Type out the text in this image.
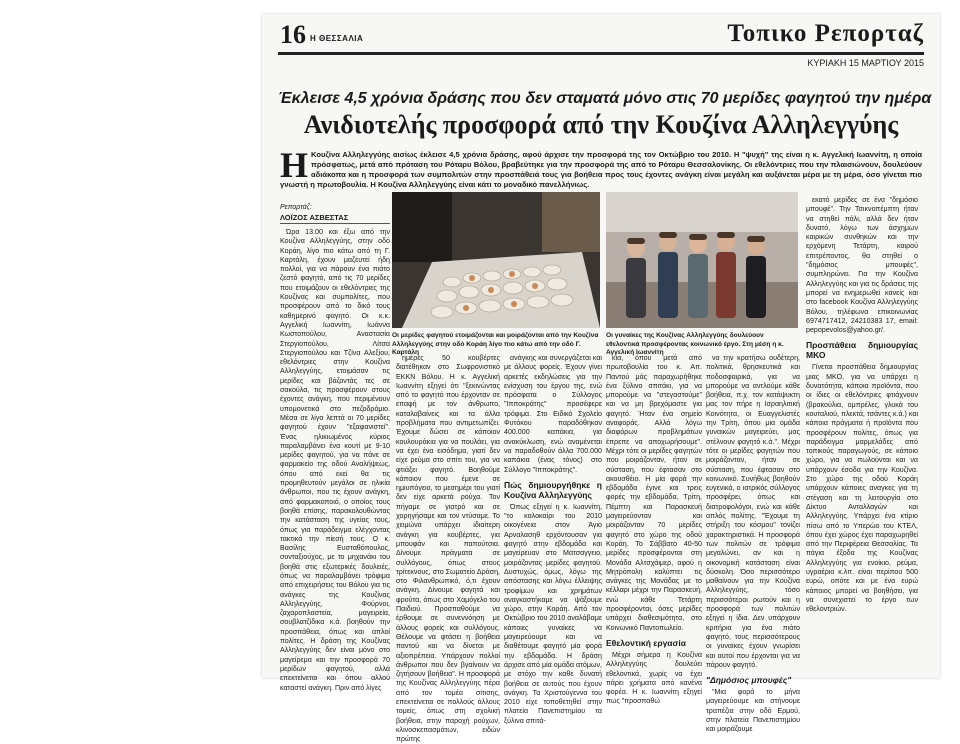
16 Η ΘΕΣΣΑΛΙΑ	Τοπικο Ρεπορταζ
ΚΥΡΙΑΚΗ 15 ΜΑΡΤΙΟΥ 2015
Έκλεισε 4,5 χρόνια δράσης που δεν σταματά μόνο στις 70 μερίδες φαγητού την ημέρα
Ανιδιοτελής προσφορά από την Κουζίνα Αλληλεγγύης
Η Κουζίνα Αλληλεγγύης αισίως έκλεισε 4,5 χρόνια δράσης, αφού άρχισε την προσφορά της τον Οκτώβριο του 2010. Η "ψυχή" της είναι η κ. Αγγελική Ιωαννίτη, η οποία πρόσφατως, μετά από πρόταση του Ρόταρυ Βόλου, βραβεύτηκε για την προσφορά της από το Ρόταρυ Θεσσαλονίκης. Οι εθελόντριες που την πλαισιώνουν, δουλεύουν αδιάκοπα και η προσφορά των συμπολιτών στην προσπάθειά τους για βοήθεια προς τους έχοντες ανάγκη είναι μεγάλη και αυξάνεται μέρα με τη μέρα, όσο γίνεται πιο γνωστή η πρωτοβουλία. Η Κουζίνα Αλληλεγγύης είναι κάτι το μοναδικό πανελλήνιως.
Ρεπορτάζ:
ΛΟΪΖΟΣ ΑΣΒΕΣΤΑΣ

Ώρα 13.00 και έξω από την Κουζίνα Αλληλεγγύης, στην οδό Κοράη, λίγο πιο κάτω από τη Γ. Καρτάλη, έχουν μαζευτεί ήδη πολλοί, για να πάρουν ένα πιάτο ζεστό φαγητό, από τις 70 μερίδες που ετοιμάζουν οι εθελόντριες της Κουζίνας και συμπολίτες, που προσφέρουν από το δικό τους καθημερινό φαγητό. Οι κ.κ. Αγγελική Ιωαννίτη, Ιωάννα Κωστοπούλου, Αναστασία Στεργιοπούλου, Λίτσα Στεργιοπούλου και Τζίνα Αλεξίου, εθελόντριες στην Κουζίνα Αλληλεγγύης, ετοιμάσαν τις μερίδες και βάζοντάς τες σε σακούλα, τις προσφέρουν στους έχοντες ανάγκη, που περιμένουν υπομονετικά στο πεζοδρόμιο. Μέσα σε λίγα λεπτά οι 70 μερίδες φαγητού έχουν "εξαφανιστεί". Ένας ηλικιωμένος κύριος παραλαμβάνει ένα κουτί με 9-10 μερίδες φαγητού, για να πάνε σε φαρμακείο της οδού Αναλήψεως, όπου από εκεί θα τις προμηθευτούν μεγάλοι σε ηλικία άνθρωποι, που τις έχουν ανάγκη, από φαρμακοποιό, ο οποίος τους βοηθά επίσης, παρακολουθώντας την κατάσταση της υγείας τους, όπως για παράδειγμα ελέγχοντας τακτικά την πίεσή τους. Ο κ. Βασίλης Ευσταθόπουλος, συνταξιούχος, με το μηχανάκι του βοηθά στις εξωτερικές δουλειές, όπως να παραλαμβάνει τρόφιμα από επιχειρήσεις του Βόλου για τις ανάγκες της Κουζίνας Αλληλεγγύης. Φούρνοι, ζαχαροπλαστεία, μαγειρεία, σουβλατζίδικα κ.ά. βοηθούν την προσπάθεια, όπως και απλοί πολίτες. Η δράση της Κουζίνας Αλληλεγγύης δεν είναι μόνο στο μαγείρεμα και την προσφορά 70 μερίδων φαγητού, αλλά επεκτείνεται και όπου αλλού καταστεί ανάγκη. Πριν από λίγες

Οι μερίδες φαγητού ετοιμάζονται και μοιράζονται από την Κουζίνα Αλληλεγγύης στην οδό Κοράη λίγο πιο κάτω από την οδό Γ. Καρτάλη
Οι γυναίκες της Κουζίνας Αλληλεγγύης δουλεύουν εθελοντικά προσφέροντας κοινωνικό έργο. Στη μέση η κ. Αγγελική Ιωαννίτη

ημέρες 50 κουβέρτες διατέθηκαν στο Σωφρονιστικό ΕΚΚΝ Βόλου. Η κ. Αγγελική Ιωαννίτη εξηγεί ότι "ξεκινώντας από το φαγητό που έρχονταν σε επαφή με τον άνθρωπο, καταλαβαίνεις και τα άλλα προβλήματα που αντιμετωπίζει. Έχουμε δώσει σε κάποιον κουλουράκια για να πουλάει, για να έχει ένα εισόδημα, γιατί δεν είχε ρεύμα στο σπίτι του, για να φτιάξει φαγητό. Βοηθούμε κάποιον που έμενε σε ημιυπόγειο, το μεσημέρι του γιατί δεν είχε αρκετά ρούχα. Τον πήγαμε σε γιατρό και σε χορηγήσαμε και τον ντύσαμε. Το χειμώνα υπάρχει ιδιαίτερη ανάγκη για κουβέρτες, για μπουφάν και παπούτσια. Δίνουμε πράγματα σε συλλόγους, όπως στους τρίτεκνους, στο Σωματείο Δράση, στο Φιλανθρωπικό, ό,τι έχουν ανάγκη. Δίνουμε φαγητά και φρούτα, όπως στο Χαμόγελο του Παιδιού. Προσπαθούμε να έρθουμε σε συνεννόηση με άλλους φορείς και συλλόγους. Θέλουμε να φτάσει η βοήθεια παντού και να δίνεται με αξιοπρέπεια. Υπάρχουν πολλοί άνθρωποι που δεν βγαίνουν να ζητήσουν βοήθεια". Η προσφορά της Κουζίνας Αλληλεγγύης πέρα από τον τομέα σίτισης, επεκτείνεται σε πολλούς άλλους τομείς, όπως στη σχολική βοήθεια, στην παροχή ρούχων, κλινοσκεπασμάτων, ειδών πρώτης

ανάγκης και συνεργάζεται και με άλλους φορείς. Έχουν γίνει αρκετές εκδηλώσεις για την ενίσχυση του έργου της, ενώ πρόσφατα ο Σύλλογος "Ιπποκράτης" προσέφερε τρόφιμα. Στο Ειδικό Σχολείο Φυτόκου παραδόθηκαν 400.000 καπάκια, για ανακύκλωση, ενώ αναμένεται να παραδοθούν άλλα 700.000 καπάκια (ένας τόνος) στο Σύλλογο "Ιπποκράτης".

Πώς δημιουργήθηκε η Κουζίνα Αλληλεγγύης

Όπως εξηγεί η κ. Ιωαννίτη, "το καλοκαίρι του 2010 οικογένεια στον Άγιο Αρναλασηθ ερχόντουσαν για φαγητό στην εβδομάδα και μαγείρευαν στο Ματσαγγειο, μοιράζοντας μερίδες φαγητού. Δυστυχώς, όμως, λόγω της απόστασης και λόγω έλλειψης τροφίμων και χρημάτων αναγκαστήκαμε να ψάξουμε χώρο, στην Κοράη. Από τον Οκτώβριο του 2010 αναλάβαμε κάποιες γυναίκες να μαγειρεύουμε και να διαθέτουμε φαγητό μία φορά την εβδομάδα. Η δράση άρχισε από μία ομάδα ατόμων, με στόχο την καθε δυνατή βοήθεια σε αυτούς που έχουν ανάγκη. Τα Χριστούγεννα του 2010 είχε τοποθετηθεί στην πλατεία Πανεπιστημίου τα ξύλινα σπιτά-

κια, όπου μετά από πρωτοβουλία του κ. Απ. Παντού μάς παραχωρήθηκε ένα ξύλινο σπιτάκι, για να μπορούμε να "στεγαστούμε" και να μη βρεχόμαστε για φαγητό. Ήταν ένα σημείο αναφοράς. Αλλά λόγω διαφόρων προβλημάτων έπρεπε να αποχωρήσουμε". Μέχρι τότε οι μερίδες φαγητών που μοιράζονταν, ήταν σε σύσταση, που έφτασαν στο ακουσθέιο. Η μία φορά την εβδομάδα έγινε και τρεις φορές την εβδομάδα, Τρίτη, Πέμπτη και Παρασκευή μαγειρεύονταν και μοιράζονταν 70 μερίδες φαγητό στο χώρο της οδού Κοράη. Το Σάββατο 40-50 μερίδες προσφέρονται στη Μονάδα Αλτσχάιμερ, αφού η Μητρόπολη καλύπτει τις ανάγκες της Μονάδας με το κέλλαρι μέχρι την Παρασκευή, ενώ κάθε Τετάρτη προσφέρονται, όσες μερίδες υπάρχει διαθεσιμότητα, στο Κοινωνικό Παντοπωλείο.

Εθελοντική εργασία

Μέχρι σήμερα η Κουζίνα Αλληλεγγύης δουλεύει εθελοντικά, χωρίς να έχει πάρει χρήματα από κανένα φορέα. Η κ. Ιωαννίτη εξηγεί πως "προσπαθώ

να την κρατήσω ουδέτερη, πολιτικά, θρησκευτικά και ποδοσφαιρικά, για να μπορούμε να αντλούμε κάθε βοήθεια, π.χ. τον κατάψυκτη μας τον πήρε η Ισραηλιτική Κοινότητα, οι Ευαγγελιστές την Τρίτη, όπου μια ομάδα γυναικών μαγειρεύει, μας στέλνουν φαγητό κ.ά.". Μέχρι τότε οι μερίδες φαγητών που μοιράζονταν, ήταν σε σύσταση, που έφτασαν στο κοινωνικό. Συνήθως βοηθούν ευγενικά, ο ιατρικός σύλλογος προσφέρει, όπως και διατροφολόγοι, ενώ και κάθε απλός πολίτης. "Έχουμε τη στήριξη του κόσμου" τονίζει χαρακτηριστικά. Η προσφορά των πολιτών σε τρόφιμα μεγαλώνει, αν και η οικονομική κατάσταση είναι δύσκολη. Όσο περισσότερο μαθαίνουν για την Κουζίνα Αλληλεγγύης, τόσο περισσότεροι ρωτούν και η προσφορά των πολιτών εξηγεί η ίδια. Δεν υπάρχουν κριτήρια για ένα πιάτο φαγητό, τους περισσότερους οι γυναίκες έχουν γνωρίσει και αυτοί που έρχονται για να πάρουν φαγητό.

"Δημόσιος μπουφές"

"Μια φορά το μήνα μαγειρεύουμε και στήνουμε τραπέζια στην οδό Ερμού, στην πλατεία Πανεπιστημίου και μοιράζουμε

εκατό μερίδες σε ένα "δημόσιο μπουφέ". Την Τσικνοπέμπτη ήταν να στηθεί πάλι, αλλά δεν ήταν δυνατό, λόγω των άσχημων καιρικών συνθηκών και την ερχόμενη Τετάρτη, καιρού επιτρέποντος, θα στηθεί ο "δημόσιος μπουφές", συμπληρώνει. Για την Κουζίνα Αλληλεγγύης και για τις δράσεις της μπορεί να ενημερωθεί κανείς και στο facebook Κουζίνα Αλληλεγγύης Βόλου, τηλέφωνα επικοινωνίας 6974717412, 24210383 17, email: pepopevolos@yahoo.gr/.

Προσπάθεια δημιουργίας ΜΚΟ

Γίνεται προσπάθεια δημιουργίας μιας ΜΚΟ, για να υπάρχει η δυνατότητα, κάποια προϊόντα, που οι ίδιες οι εθελόντριες φτιάχνουν (βρακούλια, ομπρέλες, γλυκά του κουταλιού, πλεκτά, τσάντες κ.ά.) και κάποια πράγματα ή προϊόντα που προσφέρουν πολίτες, όπως για παράδειγμα μαρμελάδες από τοπικούς παραγωγούς, σε κάποιο χώρο, για να πωλούνται και να υπάρχουν έσοδα για την Κουζίνα. Στο χώρο της οδού Κοράη υπάρχουν κάποιες αναγκες για τη στέγαση και τη λειτουργία στο Δίκτυο Ανταλλαγών και Αλληλεγγύης. Υπάρχει ένα κτίριο πίσω από το Υπερώο του ΚΤΕΛ, όπου έχει χώρος έχει παραχωρηθεί από την Περιφέρεια Θεσσαλίας. Τα πάγια έξοδα της Κουζίνας Αλληλεγγύης για ενοίκιο, ρεύμα, υγραέριο κ.λπ. είναι περίπου 500 ευρώ, οπότε και με ένα ευρώ κάποιος μπορεί να βοηθήσει, για να συνεχιστεί το έργο των εθελοντριών.
